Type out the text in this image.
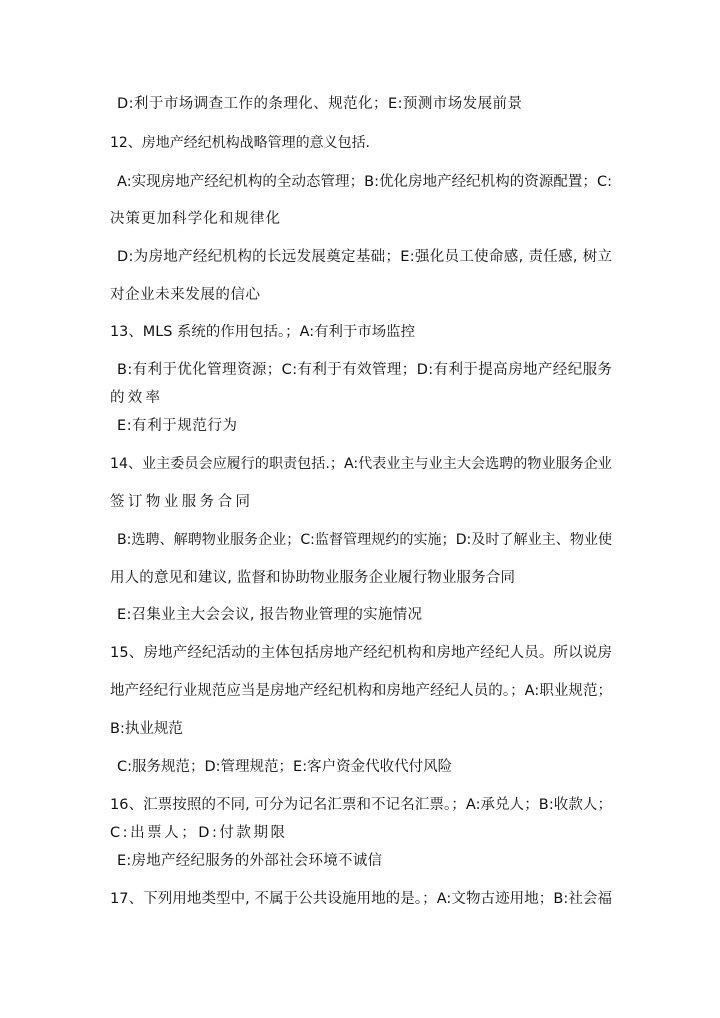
D:利于市场调查工作的条理化、规范化；E:预测市场发展前景
12、房地产经纪机构战略管理的意义包括.
A:实现房地产经纪机构的全动态管理；B:优化房地产经纪机构的资源配置；C:
决策更加科学化和规律化
D:为房地产经纪机构的长远发展奠定基础；E:强化员工使命感, 责任感, 树立
对企业未来发展的信心
13、MLS 系统的作用包括。；A:有利于市场监控
B:有利于优化管理资源；C:有利于有效管理；D:有利于提高房地产经纪服务
的效率
E:有利于规范行为
14、业主委员会应履行的职责包括.；A:代表业主与业主大会选聘的物业服务企业
签订物业服务合同
B:选聘、解聘物业服务企业；C:监督管理规约的实施；D:及时了解业主、物业使
用人的意见和建议, 监督和协助物业服务企业履行物业服务合同
E:召集业主大会会议, 报告物业管理的实施情况
15、房地产经纪活动的主体包括房地产经纪机构和房地产经纪人员。所以说房
地产经纪行业规范应当是房地产经纪机构和房地产经纪人员的。；A:职业规范；
B:执业规范
C:服务规范；D:管理规范；E:客户资金代收代付风险
16、汇票按照的不同, 可分为记名汇票和不记名汇票。；A:承兑人；B:收款人；
C:出票人；D:付款期限
E:房地产经纪服务的外部社会环境不诚信
17、下列用地类型中, 不属于公共设施用地的是。；A:文物古迹用地；B:社会福
